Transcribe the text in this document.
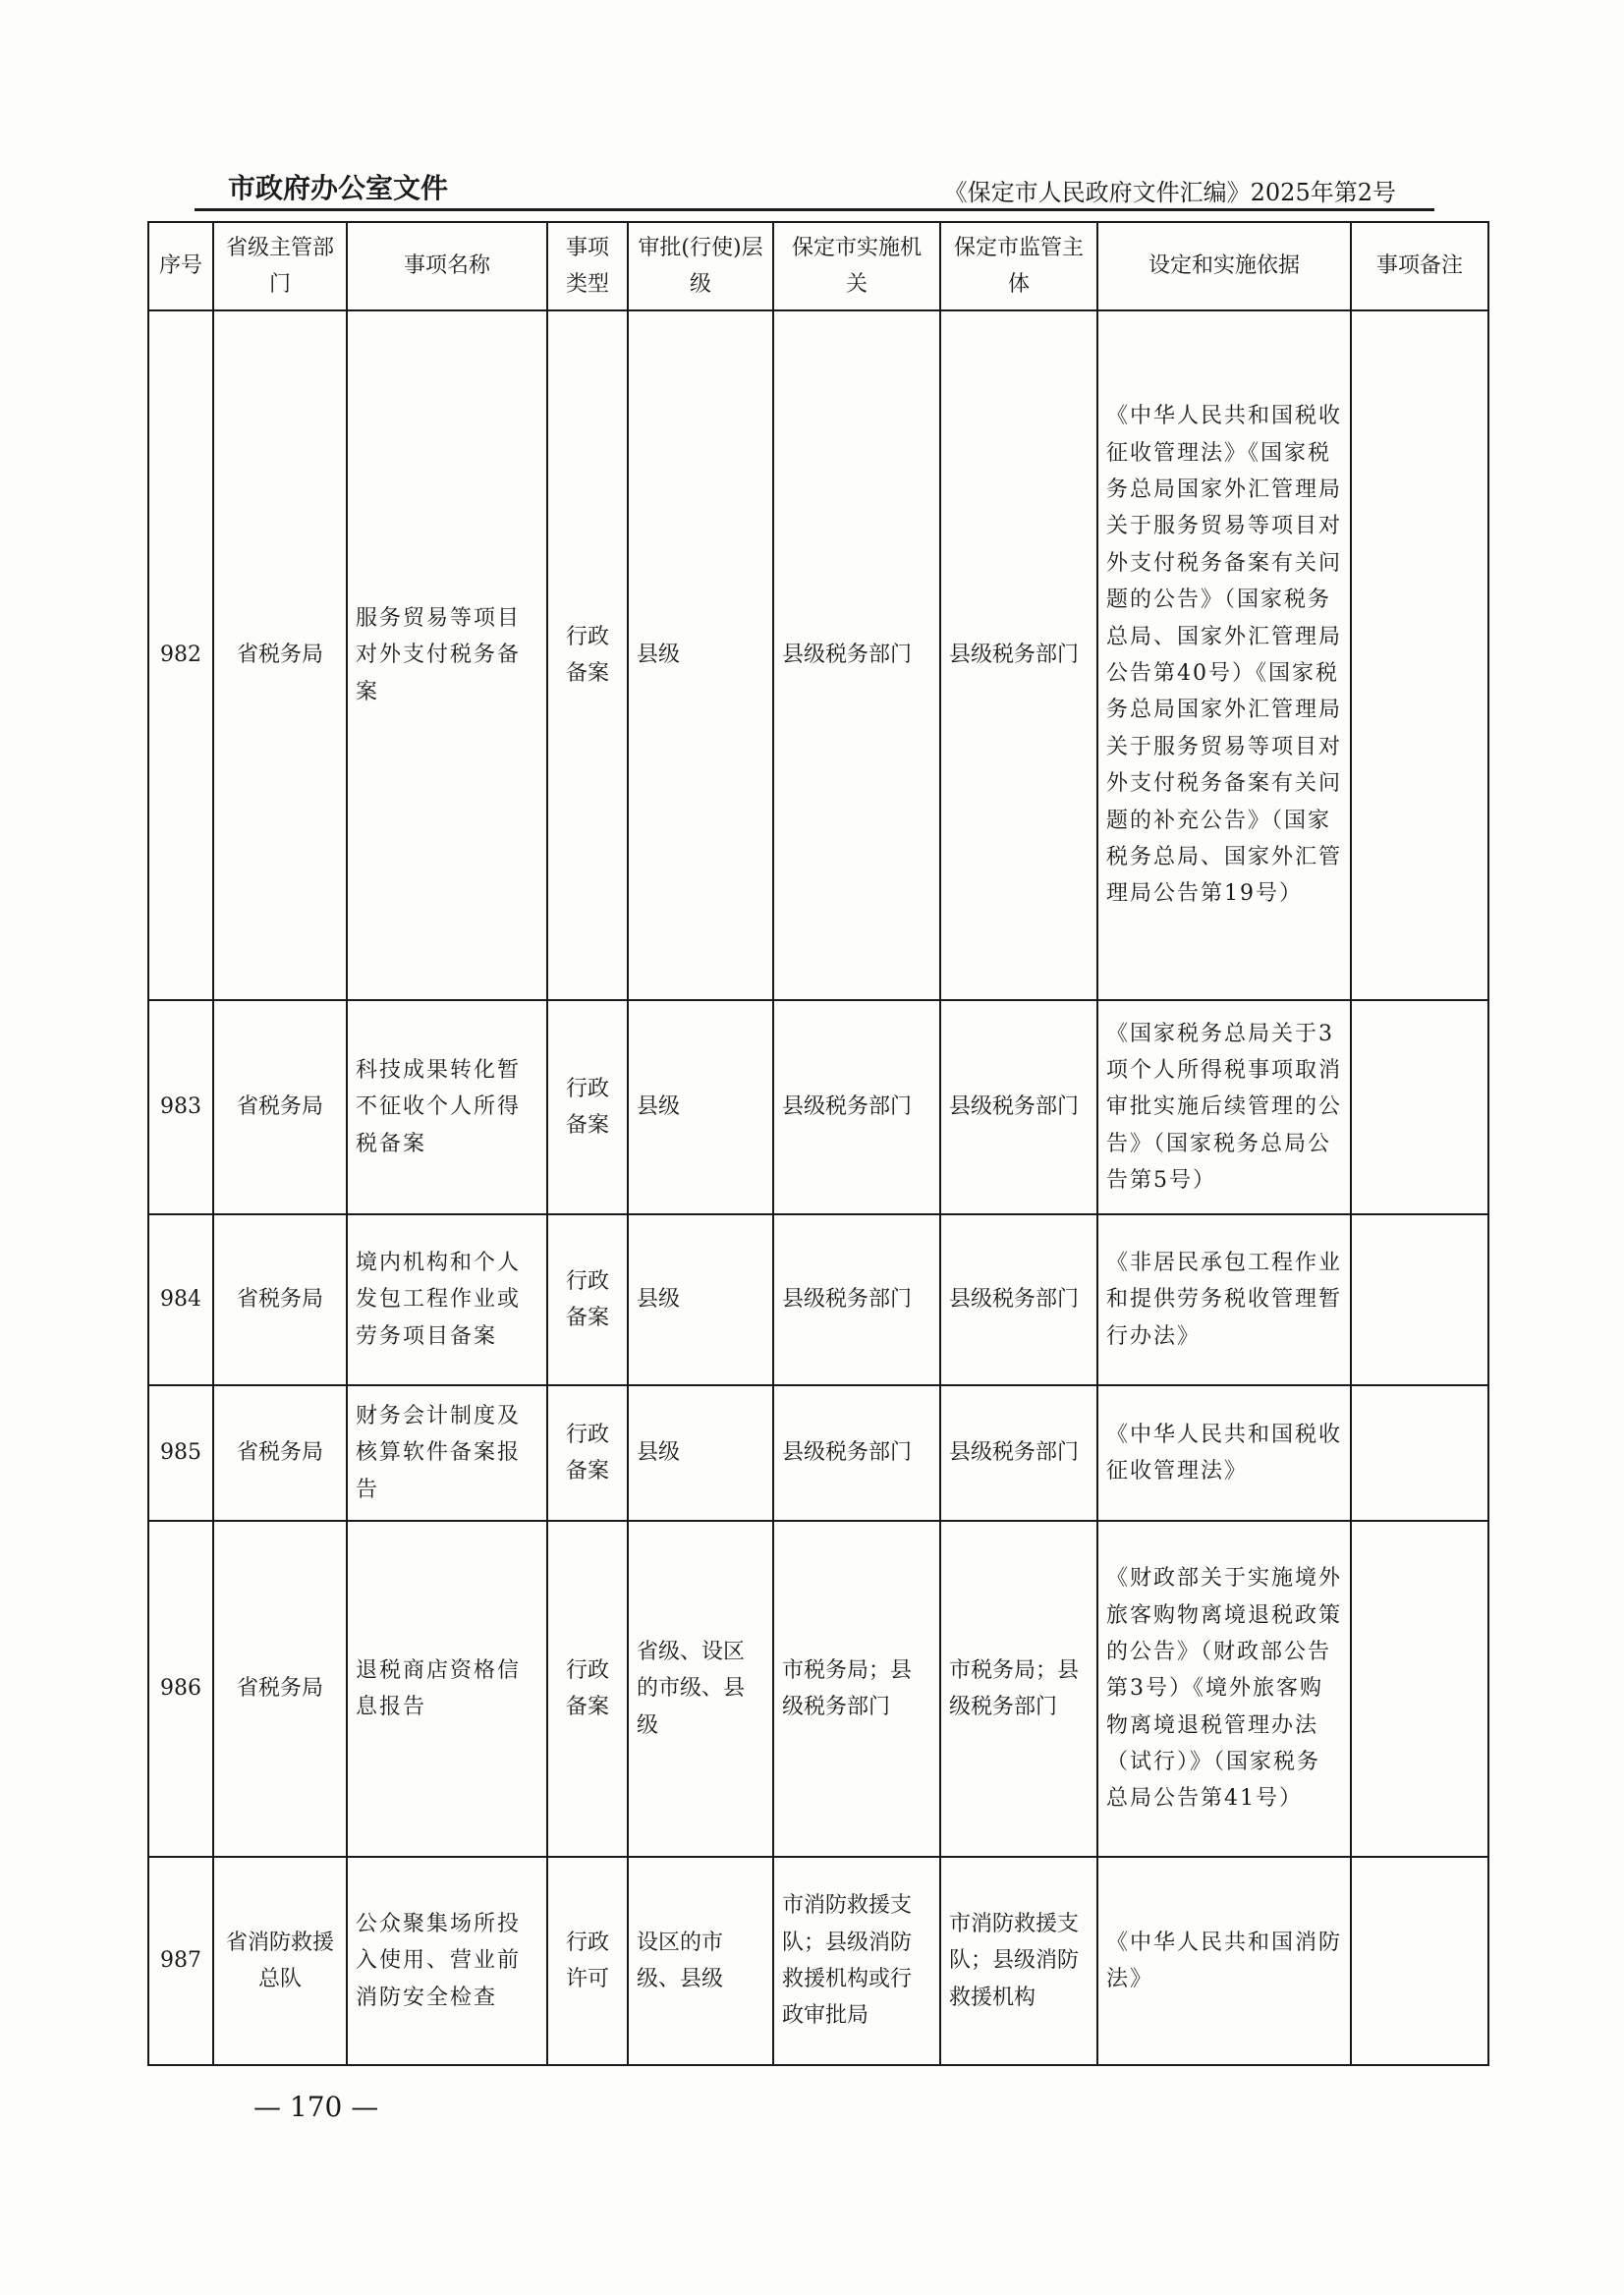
市政府办公室文件	《保定市人民政府文件汇编》2025年第2号
序号	省级主管部　门	事项名称	事项类型	审批(行使)层　级	保定市实施机关	保定市监管主体	设定和实施依据	事项备注
982	省税务局	服务贸易等项目对外支付税务备案	行政备案	县级	县级税务部门	县级税务部门	《中华人民共和国税收征收管理法》《国家税务总局国家外汇管理局关于服务贸易等项目对外支付税务备案有关问题的公告》（国家税务总局、国家外汇管理局公告第40号）《国家税务总局国家外汇管理局关于服务贸易等项目对外支付税务备案有关问题的补充公告》（国家税务总局、国家外汇管理局公告第19号）	
983	省税务局	科技成果转化暂不征收个人所得税备案	行政备案	县级	县级税务部门	县级税务部门	《国家税务总局关于3项个人所得税事项取消审批实施后续管理的公告》（国家税务总局公告第5号）	
984	省税务局	境内机构和个人发包工程作业或劳务项目备案	行政备案	县级	县级税务部门	县级税务部门	《非居民承包工程作业和提供劳务税收管理暂行办法》	
985	省税务局	财务会计制度及核算软件备案报告	行政备案	县级	县级税务部门	县级税务部门	《中华人民共和国税收征收管理法》	
986	省税务局	退税商店资格信息报告	行政备案	省级、设区的市级、县级	市税务局；县级税务部门	市税务局；县级税务部门	《财政部关于实施境外旅客购物离境退税政策的公告》（财政部公告第3号）《境外旅客购物离境退税管理办法（试行）》（国家税务总局公告第41号）	
987	省消防救援总队	公众聚集场所投入使用、营业前消防安全检查	行政许可	设区的市级、县级	市消防救援支队；县级消防救援机构或行政审批局	市消防救援支队；县级消防救援机构	《中华人民共和国消防法》	
— 170 —
